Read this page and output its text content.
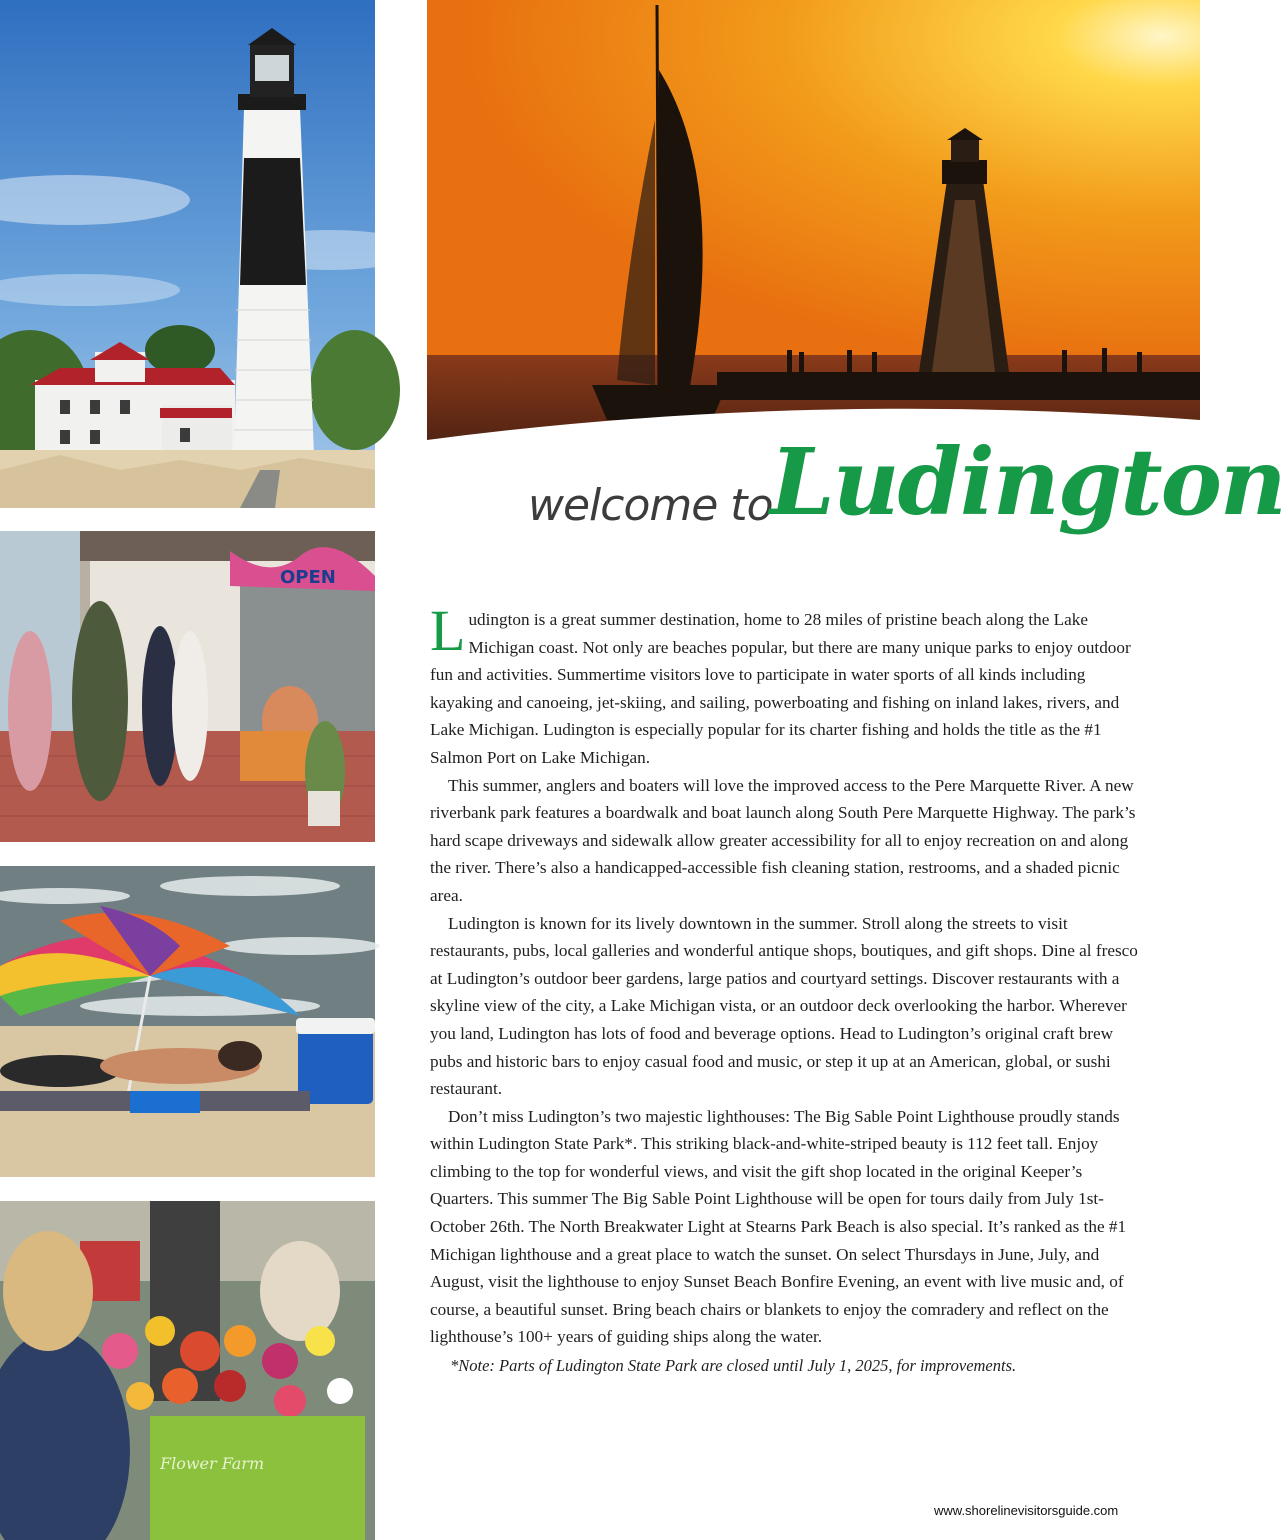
OPEN
Flower Farm
welcome to
Ludington

Ludington is a great summer destination, home to 28 miles of pristine beach along the Lake Michigan coast. Not only are beaches popular, but there are many unique parks to enjoy outdoor fun and activities. Summertime visitors love to participate in water sports of all kinds including kayaking and canoeing, jet-skiing, and sailing, powerboating and fishing on inland lakes, rivers, and Lake Michigan. Ludington is especially popular for its charter fishing and holds the title as the #1 Salmon Port on Lake Michigan.

This summer, anglers and boaters will love the improved access to the Pere Marquette River. A new riverbank park features a boardwalk and boat launch along South Pere Marquette Highway. The park’s hard scape driveways and sidewalk allow greater accessibility for all to enjoy recreation on and along the river. There’s also a handicapped-accessible fish cleaning station, restrooms, and a shaded picnic area.

Ludington is known for its lively downtown in the summer. Stroll along the streets to visit restaurants, pubs, local galleries and wonderful antique shops, boutiques, and gift shops. Dine al fresco at Ludington’s outdoor beer gardens, large patios and courtyard settings. Discover restaurants with a skyline view of the city, a Lake Michigan vista, or an outdoor deck overlooking the harbor. Wherever you land, Ludington has lots of food and beverage options. Head to Ludington’s original craft brew pubs and historic bars to enjoy casual food and music, or step it up at an American, global, or sushi restaurant.

Don’t miss Ludington’s two majestic lighthouses: The Big Sable Point Lighthouse proudly stands within Ludington State Park*. This striking black-and-white-striped beauty is 112 feet tall. Enjoy climbing to the top for wonderful views, and visit the gift shop located in the original Keeper’s Quarters. This summer The Big Sable Point Lighthouse will be open for tours daily from July 1st-October 26th. The North Breakwater Light at Stearns Park Beach is also special. It’s ranked as the #1 Michigan lighthouse and a great place to watch the sunset. On select Thursdays in June, July, and August, visit the lighthouse to enjoy Sunset Beach Bonfire Evening, an event with live music and, of course, a beautiful sunset. Bring beach chairs or blankets to enjoy the comradery and reflect on the lighthouse’s 100+ years of guiding ships along the water.

*Note: Parts of Ludington State Park are closed until July 1, 2025, for improvements.
www.shorelinevisitorsguide.com
